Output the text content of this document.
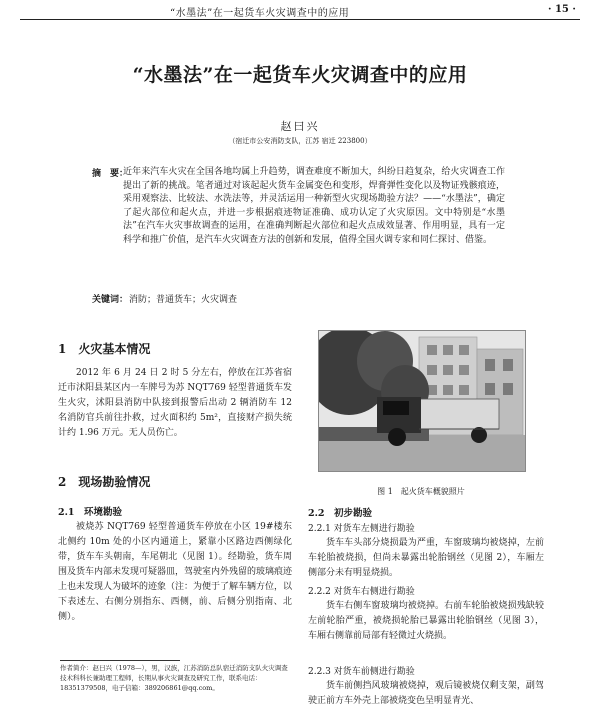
“水墨法”在一起货车火灾调查中的应用	· 15 ·
“水墨法”在一起货车火灾调查中的应用
赵曰兴
（宿迁市公安消防支队，江苏 宿迁 223800）
摘　要：
近年来汽车火灾在全国各地均属上升趋势，调查难度不断加大，纠纷日趋复杂，给火灾调查工作提出了新的挑战。笔者通过对该起起火货车金属变色和变形，焊膏弹性变化以及物证残骸痕迹，采用观察法、比较法、水洗法等，并灵活运用一种新型火灾现场勘验方法？——“水墨法”，确定了起火部位和起火点，并进一步根据痕迹物证准确、成功认定了火灾原因。文中特别是“水墨法”在汽车火灾事故调查的运用，在准确判断起火部位和起火点成效显著、作用明显，具有一定科学和推广价值，是汽车火灾调查方法的创新和发展，值得全国火调专家和同仁探讨、借鉴。
关键词： 消防；普通货车；火灾调查
1　火灾基本情况
2012 年 6 月 24 日 2 时 5 分左右，停放在江苏省宿迁市沭阳县某区内一车牌号为苏 NQT769 轻型普通货车发生火灾，沭阳县消防中队接到报警后出动 2 辆消防车 12 名消防官兵前往扑救，过火面积约 5m²，直接财产损失统计约 1.96 万元。无人员伤亡。
2　现场勘验情况
2.1　环境勘验
被烧苏 NQT769 轻型普通货车停放在小区 19#楼东北侧约 10m 处的小区内通道上，紧靠小区路边西侧绿化带，货车车头朝南，车尾朝北（见图 1）。经勘验，货车周围及货车内部未发现可疑器皿，驾驶室内外残留的玻璃痕迹上也未发现人为破坏的迹象（注：为便于了解车辆方位，以下表述左、右侧分别指东、西侧，前、后侧分别指南、北侧）。
图 1　起火货车概貌照片
2.2　初步勘验
2.2.1 对货车左侧进行勘验
货车车头部分烧损最为严重，车窗玻璃均被烧掉，左前车轮胎被烧损，但尚未暴露出轮胎钢丝（见图 2），车厢左侧部分未有明显烧损。
2.2.2 对货车右侧进行勘验
货车右侧车窗玻璃均被烧掉。右前车轮胎被烧损残缺较左前轮胎严重，被烧损轮胎已暴露出轮胎钢丝（见图 3），车厢右侧靠前局部有轻微过火烧损。
2.2.3 对货车前侧进行勘验
货车前侧挡风玻璃被烧掉，观后镜被烧仅剩支架，副驾驶正前方车外壳上部被烧变色呈明显青光、
作者简介：赵曰兴（1978—），男，汉族，江苏消防总队宿迁消防支队火灾调查技术科科长兼助理工程师，长期从事火灾调查及研究工作，联系电话：18351379508，电子信箱：389206861@qq.com。
